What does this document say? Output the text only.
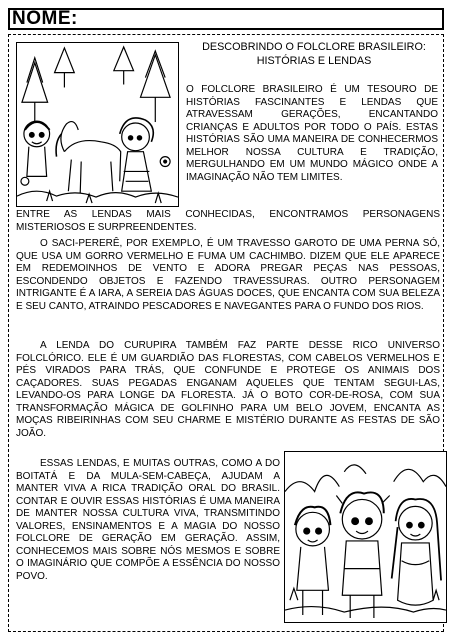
NOME:
DESCOBRINDO O FOLCLORE BRASILEIRO:
HISTÓRIAS E LENDAS
O FOLCLORE BRASILEIRO É UM TESOURO DE HISTÓRIAS FASCINANTES E LENDAS QUE ATRAVESSAM GERAÇÕES, ENCANTANDO CRIANÇAS E ADULTOS POR TODO O PAÍS. ESTAS HISTÓRIAS SÃO UMA MANEIRA DE CONHECERMOS MELHOR NOSSA CULTURA E TRADIÇÃO, MERGULHANDO EM UM MUNDO MÁGICO ONDE A IMAGINAÇÃO NÃO TEM LIMITES.
ENTRE AS LENDAS MAIS CONHECIDAS, ENCONTRAMOS PERSONAGENS MISTERIOSOS E SURPREENDENTES.
O SACI-PERERÊ, POR EXEMPLO, É UM TRAVESSO GAROTO DE UMA PERNA SÓ, QUE USA UM GORRO VERMELHO E FUMA UM CACHIMBO. DIZEM QUE ELE APARECE EM REDEMOINHOS DE VENTO E ADORA PREGAR PEÇAS NAS PESSOAS, ESCONDENDO OBJETOS E FAZENDO TRAVESSURAS. OUTRO PERSONAGEM INTRIGANTE É A IARA, A SEREIA DAS ÁGUAS DOCES, QUE ENCANTA COM SUA BELEZA E SEU CANTO, ATRAINDO PESCADORES E NAVEGANTES PARA O FUNDO DOS RIOS.
A LENDA DO CURUPIRA TAMBÉM FAZ PARTE DESSE RICO UNIVERSO FOLCLÓRICO. ELE É UM GUARDIÃO DAS FLORESTAS, COM CABELOS VERMELHOS E PÉS VIRADOS PARA TRÁS, QUE CONFUNDE E PROTEGE OS ANIMAIS DOS CAÇADORES. SUAS PEGADAS ENGANAM AQUELES QUE TENTAM SEGUI-LAS, LEVANDO-OS PARA LONGE DA FLORESTA. JÁ O BOTO COR-DE-ROSA, COM SUA TRANSFORMAÇÃO MÁGICA DE GOLFINHO PARA UM BELO JOVEM, ENCANTA AS MOÇAS RIBEIRINHAS COM SEU CHARME E MISTÉRIO DURANTE AS FESTAS DE SÃO JOÃO.
ESSAS LENDAS, E MUITAS OUTRAS, COMO A DO BOITATÁ E DA MULA-SEM-CABEÇA, AJUDAM A MANTER VIVA A RICA TRADIÇÃO ORAL DO BRASIL. CONTAR E OUVIR ESSAS HISTÓRIAS É UMA MANEIRA DE MANTER NOSSA CULTURA VIVA, TRANSMITINDO VALORES, ENSINAMENTOS E A MAGIA DO NOSSO FOLCLORE DE GERAÇÃO EM GERAÇÃO. ASSIM, CONHECEMOS MAIS SOBRE NÓS MESMOS E SOBRE O IMAGINÁRIO QUE COMPÕE A ESSÊNCIA DO NOSSO POVO.
